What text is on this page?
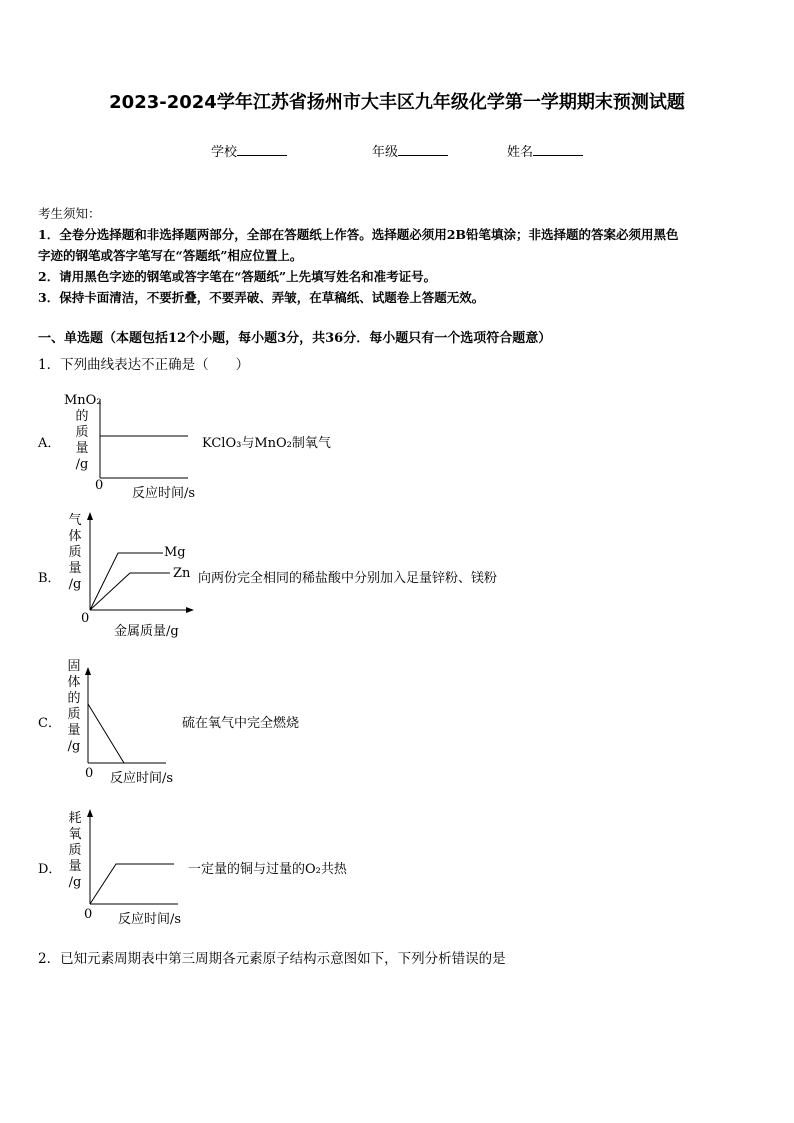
2023-2024学年江苏省扬州市大丰区九年级化学第一学期期末预测试题
学校	年级	姓名
考生须知：
1．全卷分选择题和非选择题两部分，全部在答题纸上作答。选择题必须用2B铅笔填涂；非选择题的答案必须用黑色
字迹的钢笔或答字笔写在“答题纸”相应位置上。
2．请用黑色字迹的钢笔或答字笔在“答题纸”上先填写姓名和准考证号。
3．保持卡面清洁，不要折叠，不要弄破、弄皱，在草稿纸、试题卷上答题无效。
一、单选题（本题包括12个小题，每小题3分，共36分．每小题只有一个选项符合题意）
1．下列曲线表达不正确是（　　）
A．
MnO₂
的
质
量
/g
0
反应时间/s
KClO₃与MnO₂制氧气
B．
气
体
质
量
/g
Mg
Zn
0
金属质量/g
向两份完全相同的稀盐酸中分别加入足量锌粉、镁粉
C．
固
体
的
质
量
/g
0 反应时间/s
硫在氧气中完全燃烧
D．
耗
氧
质
量
/g
0 反应时间/s
一定量的铜与过量的O₂共热
2．已知元素周期表中第三周期各元素原子结构示意图如下，下列分析错误的是
